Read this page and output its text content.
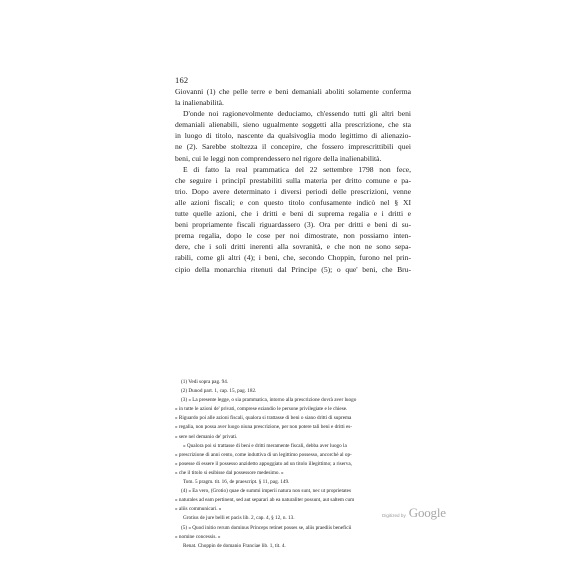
162
Giovanni (1) che pelle terre e beni demaniali aboliti solamente conferma
la inalienabilità.
D'onde noi ragionevolmente deduciamo, ch'essendo tutti gli altri beni
demaniali alienabili, sieno ugualmente soggetti alla prescrizione, che sta
in luogo di titolo, nascente da qualsivoglia modo legittimo di alienazio-
ne (2). Sarebbe stoltezza il concepire, che fossero imprescrittibili quei
beni, cui le leggi non comprendessero nel rigore della inalienabilità.
E di fatto la real prammatica del 22 settembre 1798 non fece,
che seguire i principî prestabiliti sulla materia per dritto comune e pa-
trio. Dopo avere determinato i diversi periodi delle prescrizioni, venne
alle azioni fiscali; e con questo titolo confusamente indicò nel § XI
tutte quelle azioni, che i dritti e beni di suprema regalia e i dritti e
beni propriamente fiscali riguardassero (3). Ora per dritti e beni di su-
prema regalia, dopo le cose per noi dimostrate, non possiamo inten-
dere, che i soli dritti inerenti alla sovranità, e che non ne sono sepa-
rabili, come gli altri (4); i beni, che, secondo Choppin, furono nel prin-
cipio della monarchia ritenuti dal Principe (5); o que' beni, che Bru-
(1) Vedi sopra pag. 94.
(2) Dunod part. 1, cap. 15, pag. 182.
(3) « La presente legge, o sia prammatica, intorno alla prescrizione dovrà aver luogo
» in tutte le azioni de' privati, comprese eziandio le persone privilegiate e le chiese.
» Riguardo poi alle azioni fiscali, qualora si trattasse di beni o siano dritti di suprema
» regalia, non possa aver luogo niuna prescrizione, per non potere tali beni e dritti es-
» sere nel demanio de' privati.
« Qualora poi si trattasse di beni e dritti meramente fiscali, debba aver luogo la
» prescrizione di anni cento, come induttiva di un legittimo possesso, ancorchè al op-
» posesse di essere il possesso anzidetto appoggiato ad un titolo illegittimo; a riserva,
» che il titolo si esibisse dal possessore medesimo. »
Tom. 5 pragm. tit. 16, de praescript. § 11, pag. 149.
(4) « Ea vero, (Grotio) quae de summi imperii natura non sunt, nec ut proprietates
» naturales ad eam pertinent, sed aut separari ab ea naturaliter possunt, aut saltem cum
» aliis communicari. »
Grotius de jure belli et pacis lib. 2, cap. 4, § 12, n. 13.
(5) « Quod initio rerum dominus Princeps retinet posses se, aliis praediis beneficii
» nomine concessis. »
Renat. Choppin de domanio Franciae lib. 1, tit. 4.
Digitized by Google
